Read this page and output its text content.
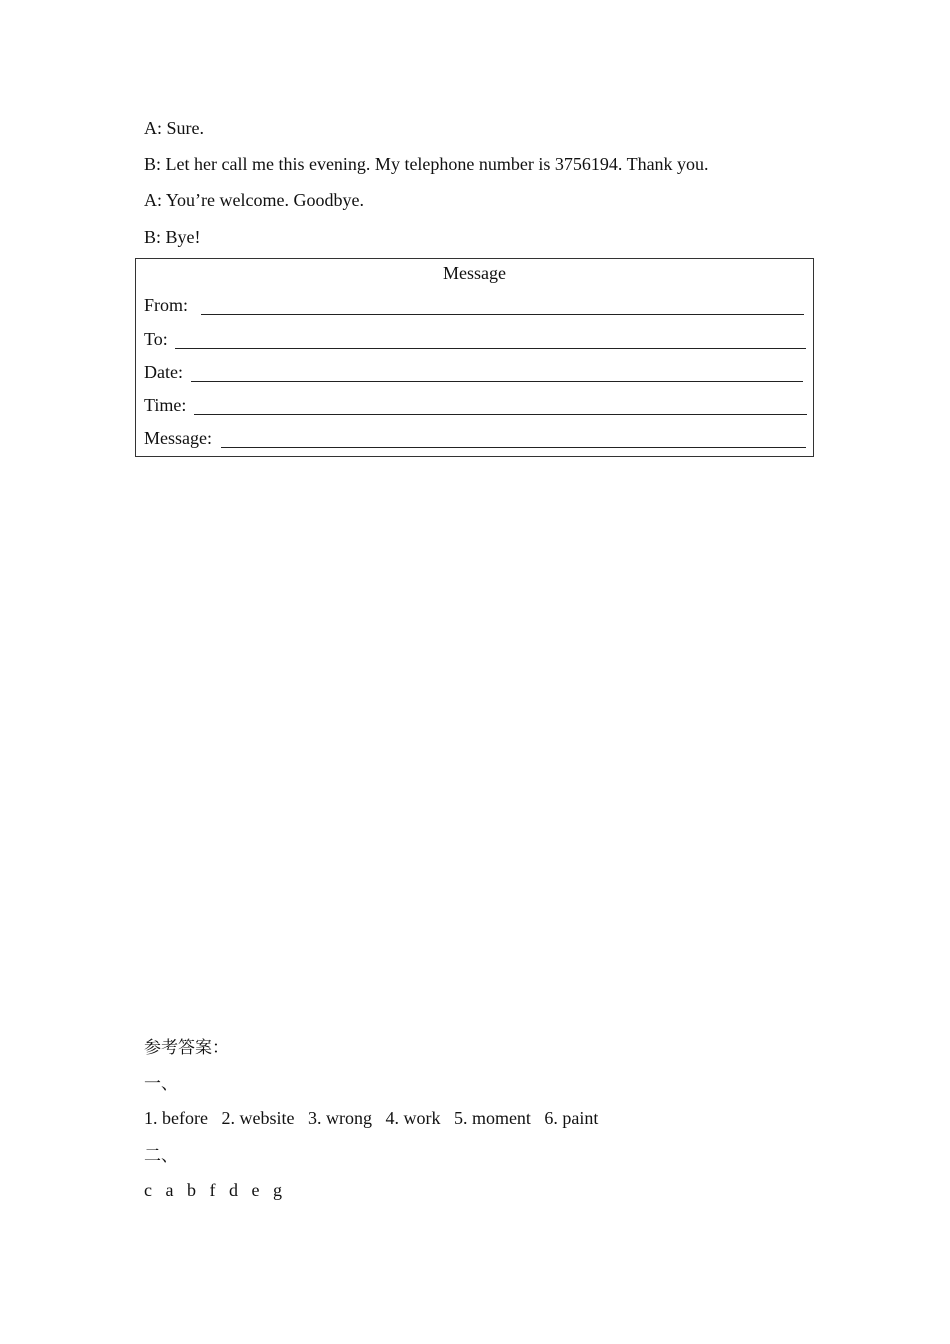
A: Sure.
B: Let her call me this evening. My telephone number is 3756194. Thank you.
A: You’re welcome. Goodbye.
B: Bye!
Message
From:
To:
Date:
Time:
Message:
参考答案：
一、
1. before   2. website   3. wrong   4. work   5. moment   6. paint
二、
c   a   b   f   d   e   g
